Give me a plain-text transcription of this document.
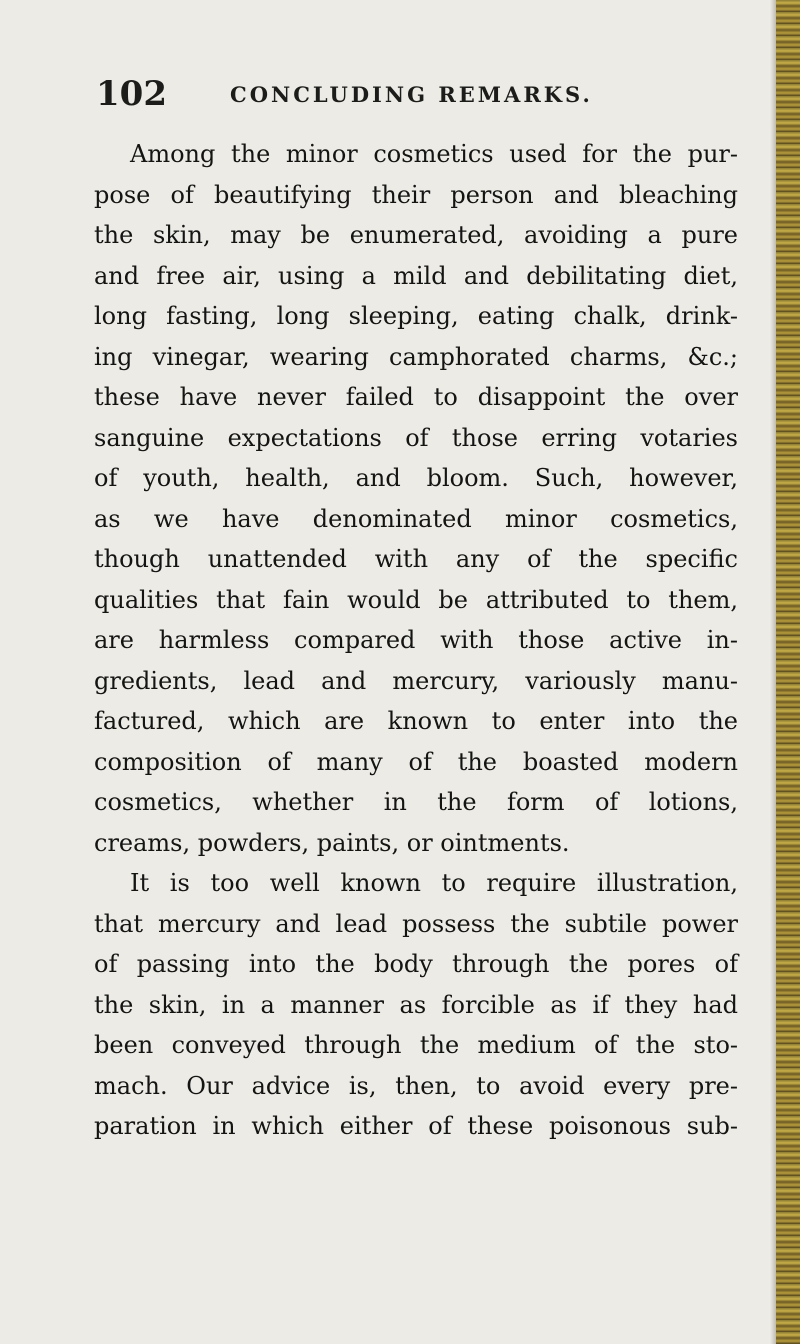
102	CONCLUDING REMARKS.
Among the minor cosmetics used for the pur-
pose of beautifying their person and bleaching
the skin, may be enumerated, avoiding a pure
and free air, using a mild and debilitating diet,
long fasting, long sleeping, eating chalk, drink-
ing vinegar, wearing camphorated charms, &c.;
these have never failed to disappoint the over
sanguine expectations of those erring votaries
of youth, health, and bloom. Such, however,
as we have denominated minor cosmetics,
though unattended with any of the specific
qualities that fain would be attributed to them,
are harmless compared with those active in-
gredients, lead and mercury, variously manu-
factured, which are known to enter into the
composition of many of the boasted modern
cosmetics, whether in the form of lotions,
creams, powders, paints, or ointments.
It is too well known to require illustration,
that mercury and lead possess the subtile power
of passing into the body through the pores of
the skin, in a manner as forcible as if they had
been conveyed through the medium of the sto-
mach. Our advice is, then, to avoid every pre-
paration in which either of these poisonous sub-
